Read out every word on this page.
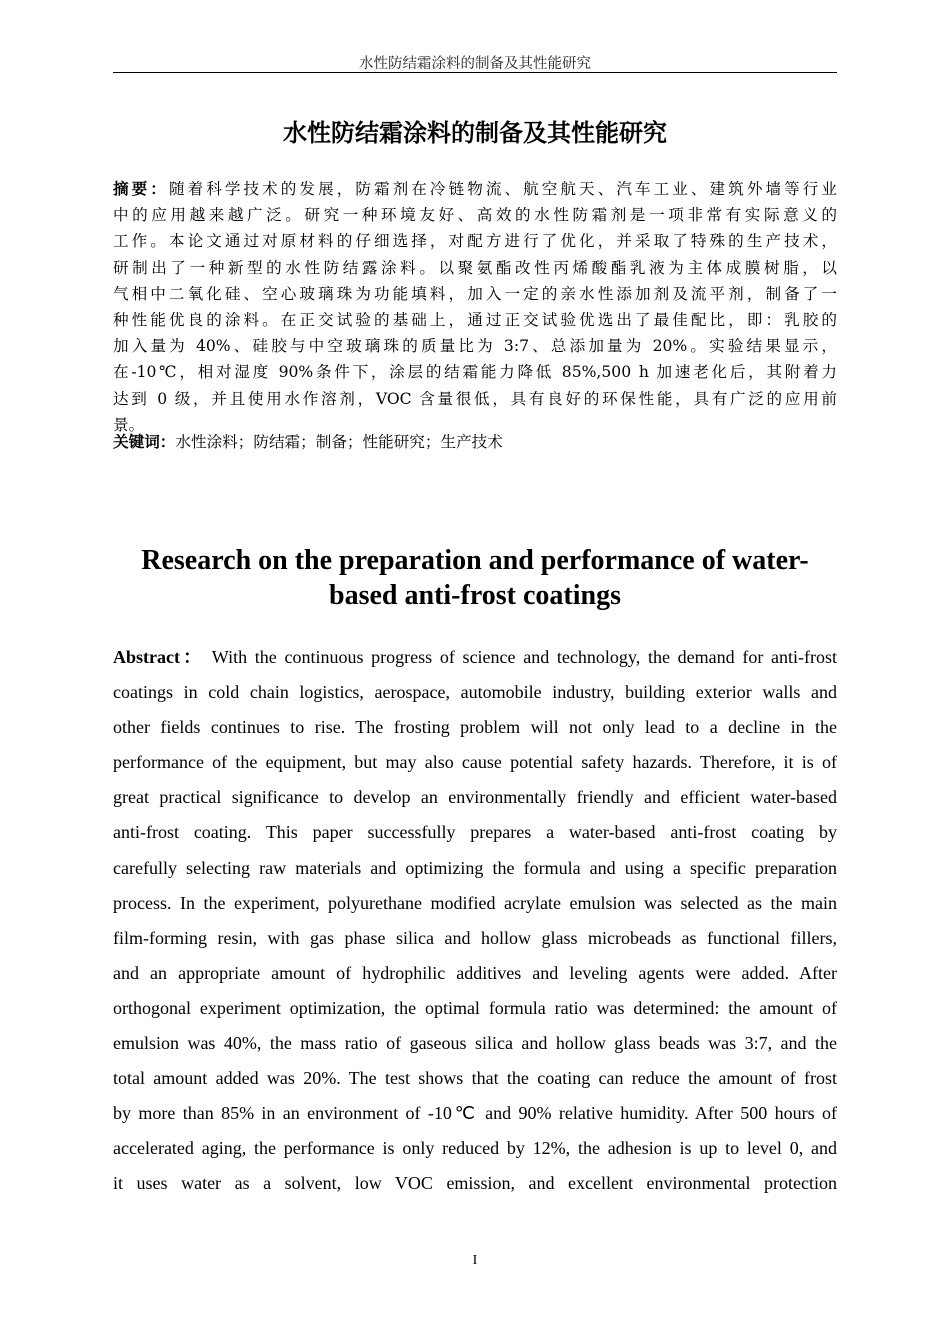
水性防结霜涂料的制备及其性能研究
水性防结霜涂料的制备及其性能研究
摘要：随着科学技术的发展，防霜剂在冷链物流、航空航天、汽车工业、建筑外墙等行业
中的应用越来越广泛。研究一种环境友好、高效的水性防霜剂是一项非常有实际意义的
工作。本论文通过对原材料的仔细选择，对配方进行了优化，并采取了特殊的生产技术，
研制出了一种新型的水性防结露涂料。以聚氨酯改性丙烯酸酯乳液为主体成膜树脂，以
气相中二氧化硅、空心玻璃珠为功能填料，加入一定的亲水性添加剂及流平剂，制备了一
种性能优良的涂料。在正交试验的基础上，通过正交试验优选出了最佳配比，即：乳胶的
加入量为 40%、硅胶与中空玻璃珠的质量比为 3:7、总添加量为 20%。实验结果显示，
在-10℃，相对湿度 90%条件下，涂层的结霜能力降低 85%,500 h 加速老化后，其附着力
达到 0 级，并且使用水作溶剂，VOC 含量很低，具有良好的环保性能，具有广泛的应用前
景。
关键词：水性涂料；防结霜；制备；性能研究；生产技术
Research on the preparation and performance of water-
based anti-frost coatings
Abstract： With the continuous progress of science and technology, the demand for anti-frost
coatings in cold chain logistics, aerospace, automobile industry, building exterior walls and
other fields continues to rise. The frosting problem will not only lead to a decline in the
performance of the equipment, but may also cause potential safety hazards. Therefore, it is of
great practical significance to develop an environmentally friendly and efficient water-based
anti-frost coating. This paper successfully prepares a water-based anti-frost coating by
carefully selecting raw materials and optimizing the formula and using a specific preparation
process. In the experiment, polyurethane modified acrylate emulsion was selected as the main
film-forming resin, with gas phase silica and hollow glass microbeads as functional fillers,
and an appropriate amount of hydrophilic additives and leveling agents were added. After
orthogonal experiment optimization, the optimal formula ratio was determined: the amount of
emulsion was 40%, the mass ratio of gaseous silica and hollow glass beads was 3:7, and the
total amount added was 20%. The test shows that the coating can reduce the amount of frost
by more than 85% in an environment of -10℃ and 90% relative humidity. After 500 hours of
accelerated aging, the performance is only reduced by 12%, the adhesion is up to level 0, and
it uses water as a solvent, low VOC emission, and excellent environmental protection
I
